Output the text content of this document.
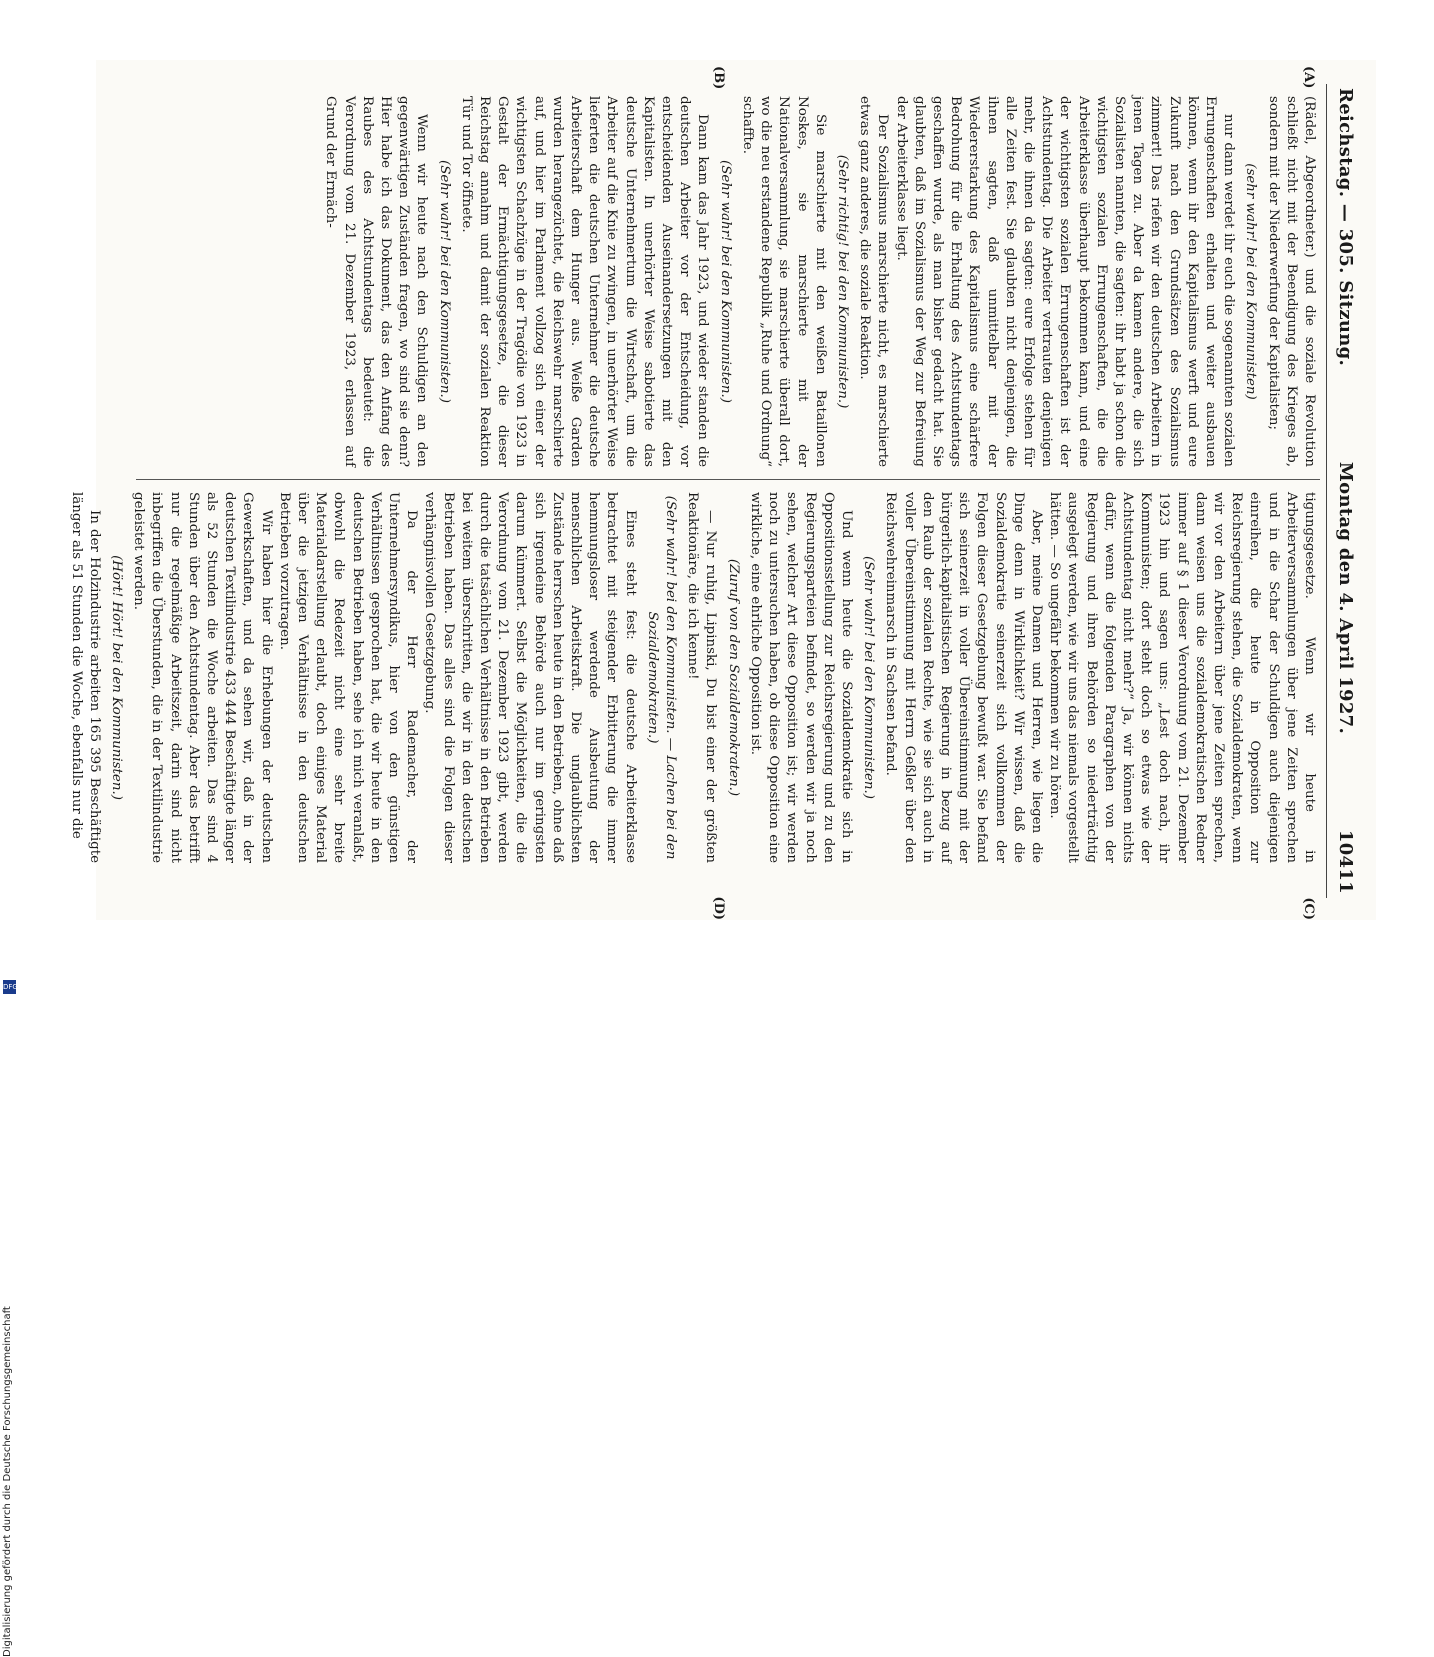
Reichstag. — 305. Sitzung.
Montag den 4. April 1927.
10411

(Rädel, Abgeordneter.) und die soziale Revolution schließt nicht mit der Beendigung des Krieges ab, sondern mit der Niederwerfung der Kapitalisten;

(sehr wahr! bei den Kommunisten)

nur dann werdet ihr euch die sogenannten sozialen Errungenschaften erhalten und weiter ausbauen können, wenn ihr den Kapitalismus werft und eure Zukunft nach den Grundsätzen des Sozialismus zimmert! Das riefen wir den deutschen Arbeitern in jenen Tagen zu. Aber da kamen andere, die sich Sozialisten nannten, die sagten: ihr habt ja schon die wichtigsten sozialen Errungenschaften, die die Arbeiterklasse überhaupt bekommen kann, und eine der wichtigsten sozialen Errungenschaften ist der Achtstundentag. Die Arbeiter vertrauten denjenigen mehr, die ihnen da sagten: eure Erfolge stehen für alle Zeiten fest. Sie glaubten nicht denjenigen, die ihnen sagten, daß unmittelbar mit der Wiedererstarkung des Kapitalismus eine schärfere Bedrohung für die Erhaltung des Achtstundentags geschaffen wurde, als man bisher gedacht hat. Sie glaubten, daß im Sozialismus der Weg zur Befreiung der Arbeiterklasse liegt.

Der Sozialismus marschierte nicht, es marschierte etwas ganz anderes, die soziale Reaktion.

(Sehr richtig! bei den Kommunisten.)

Sie marschierte mit den weißen Bataillonen Noskes, sie marschierte mit der Nationalversammlung, sie marschierte überall dort, wo die neu erstandene Republik „Ruhe und Ordnung“ schaffte.

(Sehr wahr! bei den Kommunisten.)

Dann kam das Jahr 1923, und wieder standen die deutschen Arbeiter vor der Entscheidung, vor entscheidenden Auseinandersetzungen mit den Kapitalisten. In unerhörter Weise sabotierte das deutsche Unternehmertum die Wirtschaft, um die Arbeiter auf die Knie zu zwingen, in unerhörter Weise lieferten die deutschen Unternehmer die deutsche Arbeiterschaft dem Hunger aus. Weiße Garden wurden herangezüchtet, die Reichswehr marschierte auf, und hier im Parlament vollzog sich einer der wichtigsten Schachzüge in der Tragödie von 1923 in Gestalt der Ermächtigungsgesetze, die dieser Reichstag annahm und damit der sozialen Reaktion Tür und Tor öffnete.

(Sehr wahr! bei den Kommunisten.)

Wenn wir heute nach den Schuldigen an den gegenwärtigen Zuständen fragen, wo sind sie denn? Hier habe ich das Dokument, das den Anfang des Raubes des Achtstundentags bedeutet: die Verordnung vom 21. Dezember 1923, erlassen auf Grund der Ermäch-

tigungsgesetze. Wenn wir heute in Arbeiterversammlungen über jene Zeiten sprechen und in die Schar der Schuldigen auch diejenigen einreihen, die heute in Opposition zur Reichsregierung stehen, die Sozialdemokraten, wenn wir vor den Arbeitern über jene Zeiten sprechen, dann weisen uns die sozialdemokratischen Redner immer auf § 1 dieser Verordnung vom 21. Dezember 1923 hin und sagen uns: „Lest doch nach, ihr Kommunisten; dort steht doch so etwas wie der Achtstundentag nicht mehr?“ Ja, wir können nichts dafür, wenn die folgenden Paragraphen von der Regierung und ihren Behörden so niederträchtig ausgelegt werden, wie wir uns das niemals vorgestellt hätten. — So ungefähr bekommen wir zu hören.

Aber, meine Damen und Herren, wie liegen die Dinge denn in Wirklichkeit? Wir wissen, daß die Sozialdemokratie seinerzeit sich vollkommen der Folgen dieser Gesetzgebung bewußt war. Sie befand sich seinerzeit in voller Übereinstimmung mit der bürgerlich-kapitalistischen Regierung in bezug auf den Raub der sozialen Rechte, wie sie sich auch in voller Übereinstimmung mit Herrn Geßler über den Reichswehreinmarsch in Sachsen befand.

(Sehr wahr! bei den Kommunisten.)

Und wenn heute die Sozialdemokratie sich in Oppositionsstellung zur Reichsregierung und zu den Regierungsparteien befindet, so werden wir ja noch sehen, welcher Art diese Opposition ist; wir werden noch zu untersuchen haben, ob diese Opposition eine wirkliche, eine ehrliche Opposition ist.

(Zuruf von den Sozialdemokraten.)

— Nur ruhig, Lipinski, Du bist einer der größten Reaktionäre, die ich kenne!

(Sehr wahr! bei den Kommunisten. — Lachen bei den Sozialdemokraten.)

Eines steht fest: die deutsche Arbeiterklasse betrachtet mit steigender Erbitterung die immer hemmungsloser werdende Ausbeutung der menschlichen Arbeitskraft. Die unglaublichsten Zustände herrschen heute in den Betrieben, ohne daß sich irgendeine Behörde auch nur im geringsten darum kümmert. Selbst die Möglichkeiten, die die Verordnung vom 21. Dezember 1923 gibt, werden durch die tatsächlichen Verhältnisse in den Betrieben bei weitem überschritten, die wir in den deutschen Betrieben haben. Das alles sind die Folgen dieser verhängnisvollen Gesetzgebung.

Da der Herr Rademacher, der Unternehmersyndikus, hier von den günstigen Verhältnissen gesprochen hat, die wir heute in den deutschen Betrieben haben, sehe ich mich veranlaßt, obwohl die Redezeit nicht eine sehr breite Materialdarstellung erlaubt, doch einiges Material über die jetzigen Verhältnisse in den deutschen Betrieben vorzutragen.

Wir haben hier die Erhebungen der deutschen Gewerkschaften, und da sehen wir, daß in der deutschen Textilindustrie 433 444 Beschäftigte länger als 52 Stunden die Woche arbeiten. Das sind 4 Stunden über den Achtstundentag. Aber das betrifft nur die regelmäßige Arbeitszeit, darin sind nicht inbegriffen die Überstunden, die in der Textilindustrie geleistet werden.

(Hört! Hört! bei den Kommunisten.)

In der Holzindustrie arbeiten 165 395 Beschäftigte länger als 51 Stunden die Woche, ebenfalls nur die

(A)
(B)
(C)
(D)
Digitalisierung gefördert durch die Deutsche Forschungsgemeinschaft
DFG
